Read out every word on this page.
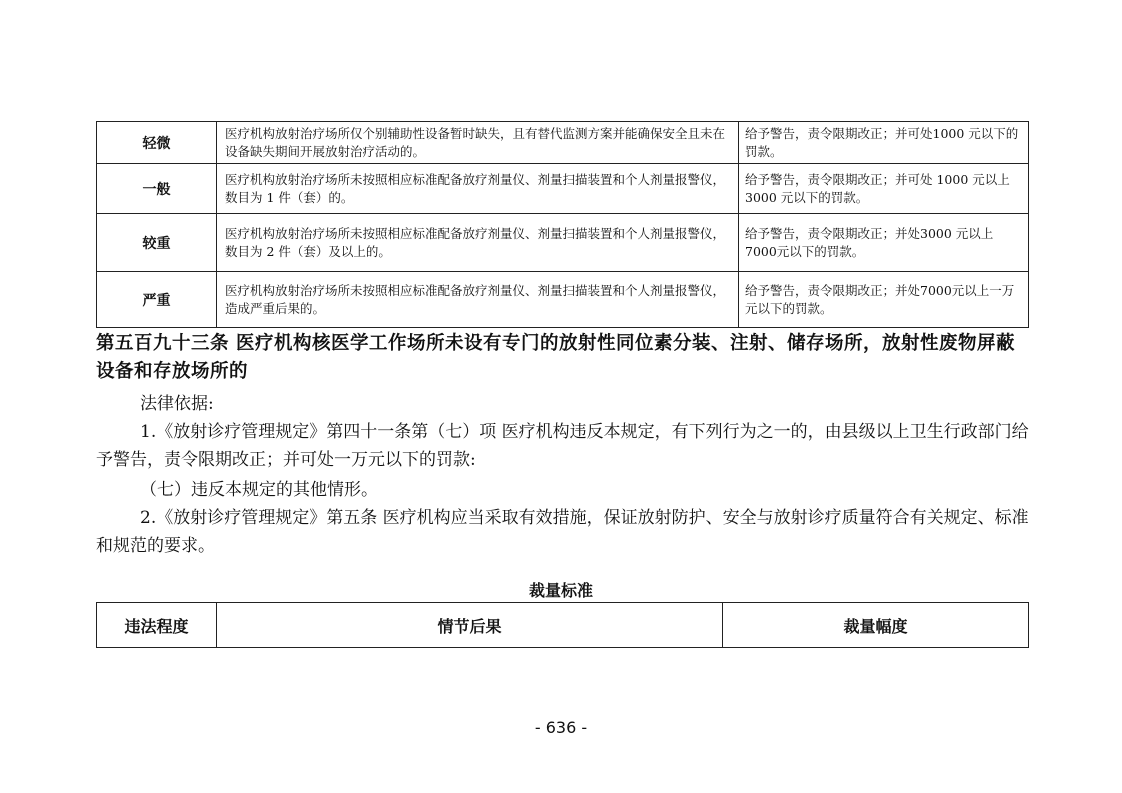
轻微	医疗机构放射治疗场所仅个别辅助性设备暂时缺失，且有替代监测方案并能确保安全且未在设备缺失期间开展放射治疗活动的。	给予警告，责令限期改正；并可处1000 元以下的罚款。
一般	医疗机构放射治疗场所未按照相应标准配备放疗剂量仪、剂量扫描装置和个人剂量报警仪，数目为 1 件（套）的。	给予警告，责令限期改正；并可处 1000 元以上 3000 元以下的罚款。
较重	医疗机构放射治疗场所未按照相应标准配备放疗剂量仪、剂量扫描装置和个人剂量报警仪，数目为 2 件（套）及以上的。	给予警告，责令限期改正；并处3000 元以上 7000元以下的罚款。
严重	医疗机构放射治疗场所未按照相应标准配备放疗剂量仪、剂量扫描装置和个人剂量报警仪，造成严重后果的。	给予警告，责令限期改正；并处7000元以上一万元以下的罚款。
第五百九十三条 医疗机构核医学工作场所未设有专门的放射性同位素分装、注射、储存场所，放射性废物屏蔽设备和存放场所的
法律依据:
1.《放射诊疗管理规定》第四十一条第（七）项 医疗机构违反本规定，有下列行为之一的，由县级以上卫生行政部门给予警告，责令限期改正；并可处一万元以下的罚款:
（七）违反本规定的其他情形。
2.《放射诊疗管理规定》第五条 医疗机构应当采取有效措施，保证放射防护、安全与放射诊疗质量符合有关规定、标准和规范的要求。
裁量标准
违法程度	情节后果	裁量幅度
- 636 -
